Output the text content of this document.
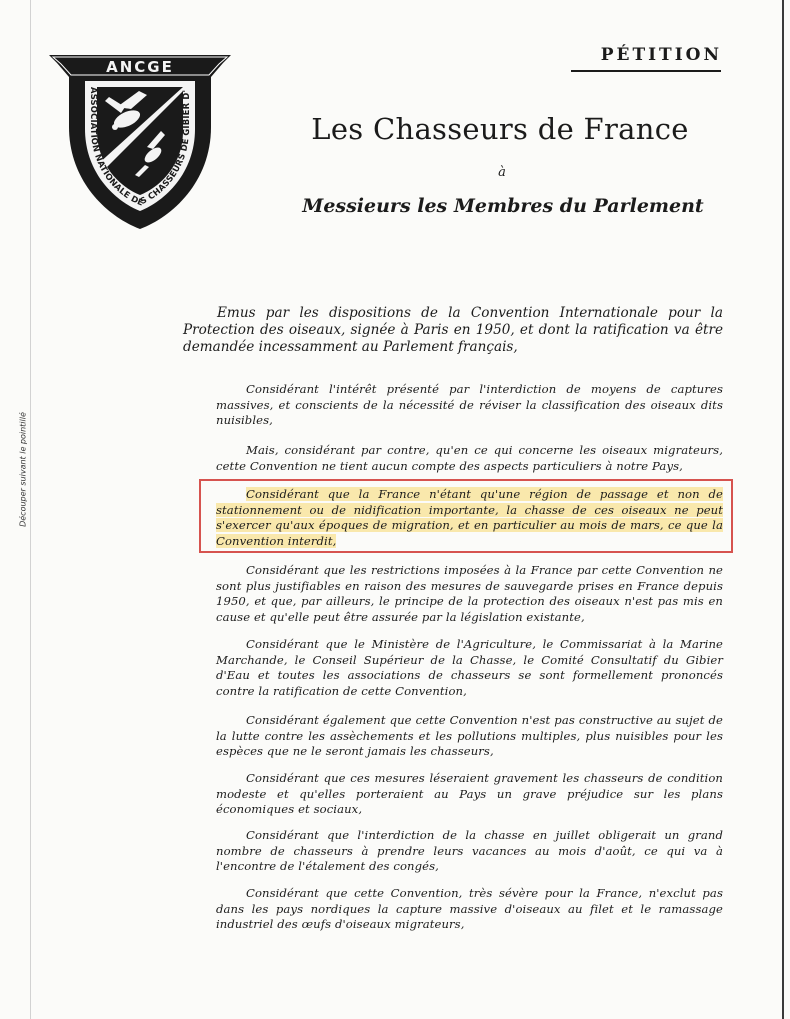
Découper suivant le pointillé
ASSOCIATION NATIONALE DES CHASSEURS DE GIBIER D'
ANCGE
PÉTITION
Les Chasseurs de France
à
Messieurs les Membres du Parlement

Emus par les dispositions de la Convention Internationale pour la Protection des oiseaux, signée à Paris en 1950, et dont la ratification va être demandée incessamment au Parlement français,

Considérant l'intérêt présenté par l'interdiction de moyens de captures massives, et conscients de la nécessité de réviser la classification des oiseaux dits nuisibles,

Mais, considérant par contre, qu'en ce qui concerne les oiseaux migrateurs, cette Convention ne tient aucun compte des aspects particuliers à notre Pays,

Considérant que la France n'étant qu'une région de passage et non de stationnement ou de nidification importante, la chasse de ces oiseaux ne peut s'exercer qu'aux époques de migration, et en particulier au mois de mars, ce que la Convention interdit,

Considérant que les restrictions imposées à la France par cette Convention ne sont plus justifiables en raison des mesures de sauvegarde prises en France depuis 1950, et que, par ailleurs, le principe de la protection des oiseaux n'est pas mis en cause et qu'elle peut être assurée par la législation existante,

Considérant que le Ministère de l'Agriculture, le Commissariat à la Marine Marchande, le Conseil Supérieur de la Chasse, le Comité Consultatif du Gibier d'Eau et toutes les associations de chasseurs se sont formellement prononcés contre la ratification de cette Convention,

Considérant également que cette Convention n'est pas constructive au sujet de la lutte contre les assèchements et les pollutions multiples, plus nuisibles pour les espèces que ne le seront jamais les chasseurs,

Considérant que ces mesures léseraient gravement les chasseurs de condition modeste et qu'elles porteraient au Pays un grave préjudice sur les plans économiques et sociaux,

Considérant que l'interdiction de la chasse en juillet obligerait un grand nombre de chasseurs à prendre leurs vacances au mois d'août, ce qui va à l'encontre de l'étalement des congés,

Considérant que cette Convention, très sévère pour la France, n'exclut pas dans les pays nordiques la capture massive d'oiseaux au filet et le ramassage industriel des œufs d'oiseaux migrateurs,
